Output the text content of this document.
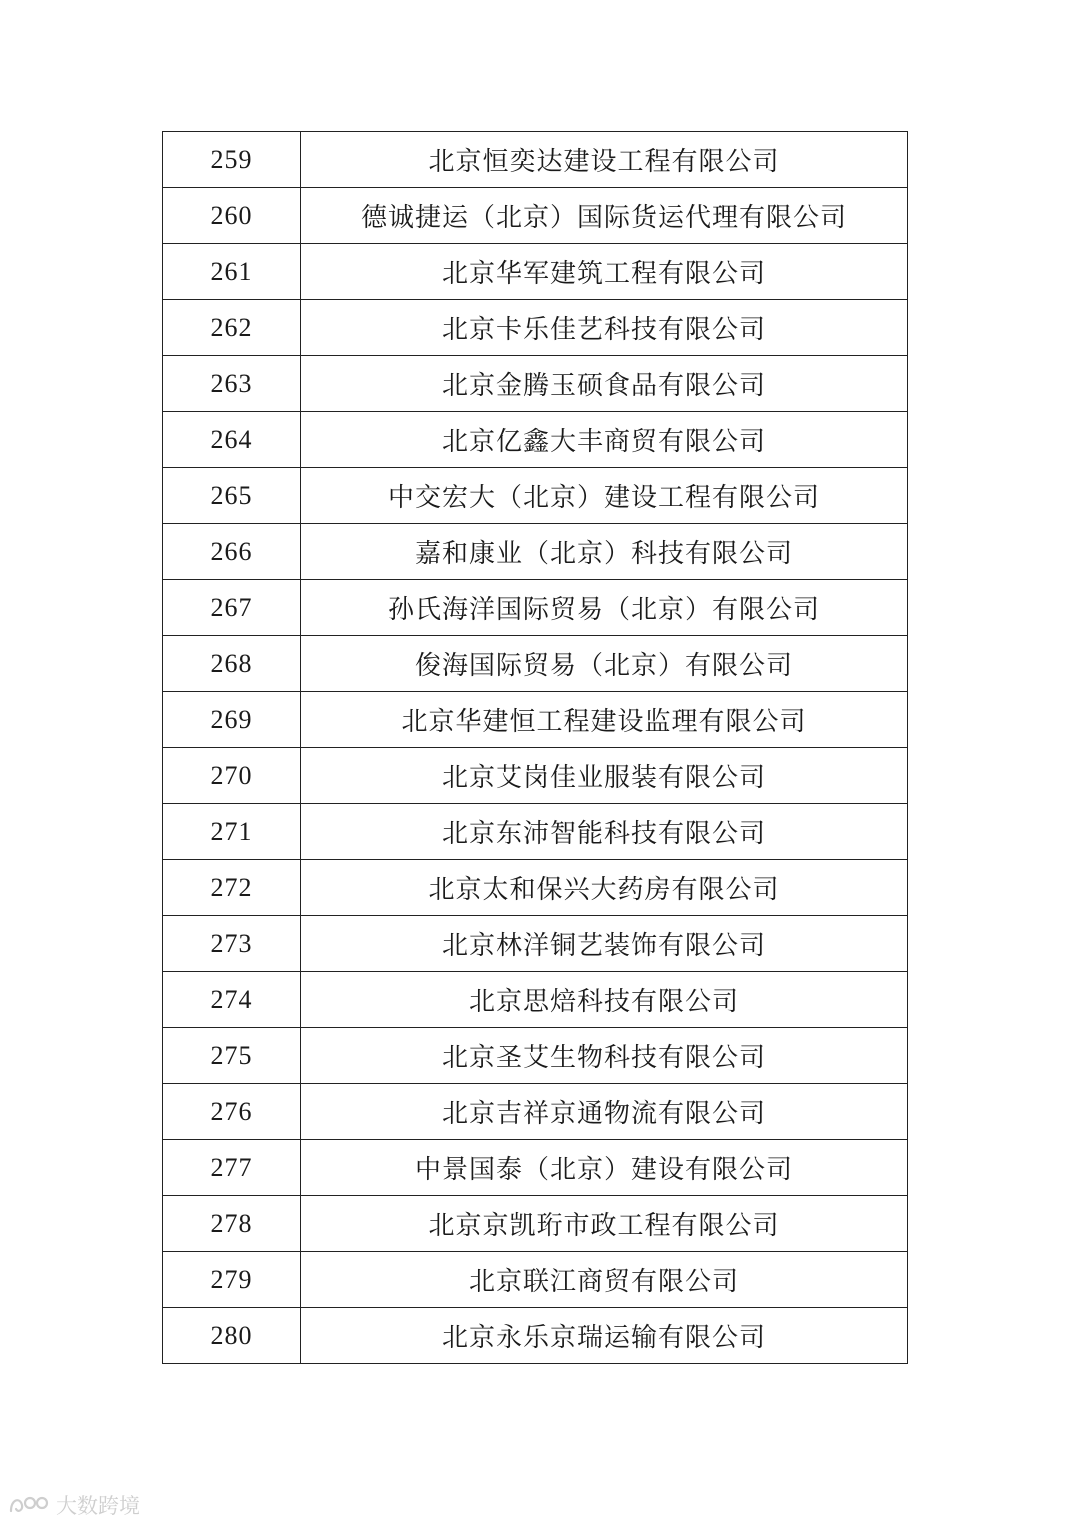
259	北京恒奕达建设工程有限公司
260	德诚捷运（北京）国际货运代理有限公司
261	北京华军建筑工程有限公司
262	北京卡乐佳艺科技有限公司
263	北京金腾玉硕食品有限公司
264	北京亿鑫大丰商贸有限公司
265	中交宏大（北京）建设工程有限公司
266	嘉和康业（北京）科技有限公司
267	孙氏海洋国际贸易（北京）有限公司
268	俊海国际贸易（北京）有限公司
269	北京华建恒工程建设监理有限公司
270	北京艾岗佳业服装有限公司
271	北京东沛智能科技有限公司
272	北京太和保兴大药房有限公司
273	北京林洋铜艺装饰有限公司
274	北京思焙科技有限公司
275	北京圣艾生物科技有限公司
276	北京吉祥京通物流有限公司
277	中景国泰（北京）建设有限公司
278	北京京凯珩市政工程有限公司
279	北京联江商贸有限公司
280	北京永乐京瑞运输有限公司
大数跨境
